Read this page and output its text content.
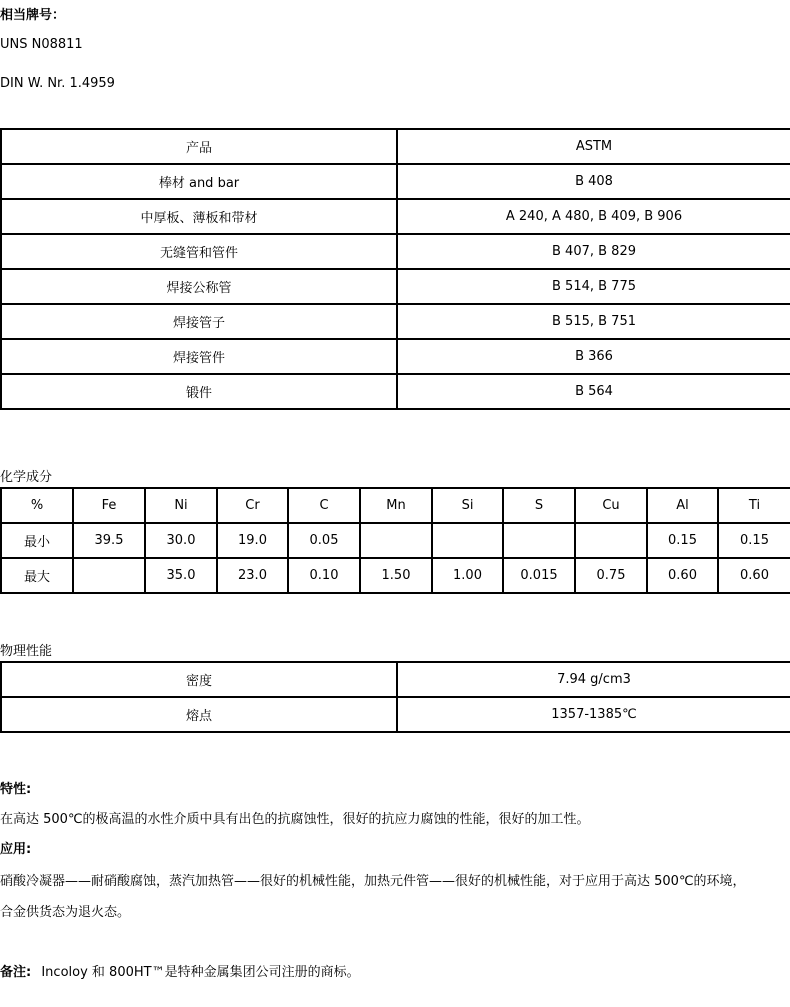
相当牌号：
UNS N08811
DIN W. Nr. 1.4959
产品	ASTM
棒材 and bar	B 408
中厚板、薄板和带材	A 240, A 480, B 409, B 906
无缝管和管件	B 407, B 829
焊接公称管	B 514, B 775
焊接管子	B 515, B 751
焊接管件	B 366
锻件	B 564
化学成分
%	Fe	Ni	Cr	C	Mn	Si	S	Cu	Al	Ti
最小	39.5	30.0	19.0	0.05					0.15	0.15
最大		35.0	23.0	0.10	1.50	1.00	0.015	0.75	0.60	0.60
物理性能
密度	7.94 g/cm3
熔点	1357-1385℃
特性:
在高达 500℃的极高温的水性介质中具有出色的抗腐蚀性，很好的抗应力腐蚀的性能，很好的加工性。
应用:
硝酸冷凝器——耐硝酸腐蚀，蒸汽加热管——很好的机械性能，加热元件管——很好的机械性能，对于应用于高达 500℃的环境，
合金供货态为退火态。
备注: Incoloy 和 800HT™是特种金属集团公司注册的商标。
